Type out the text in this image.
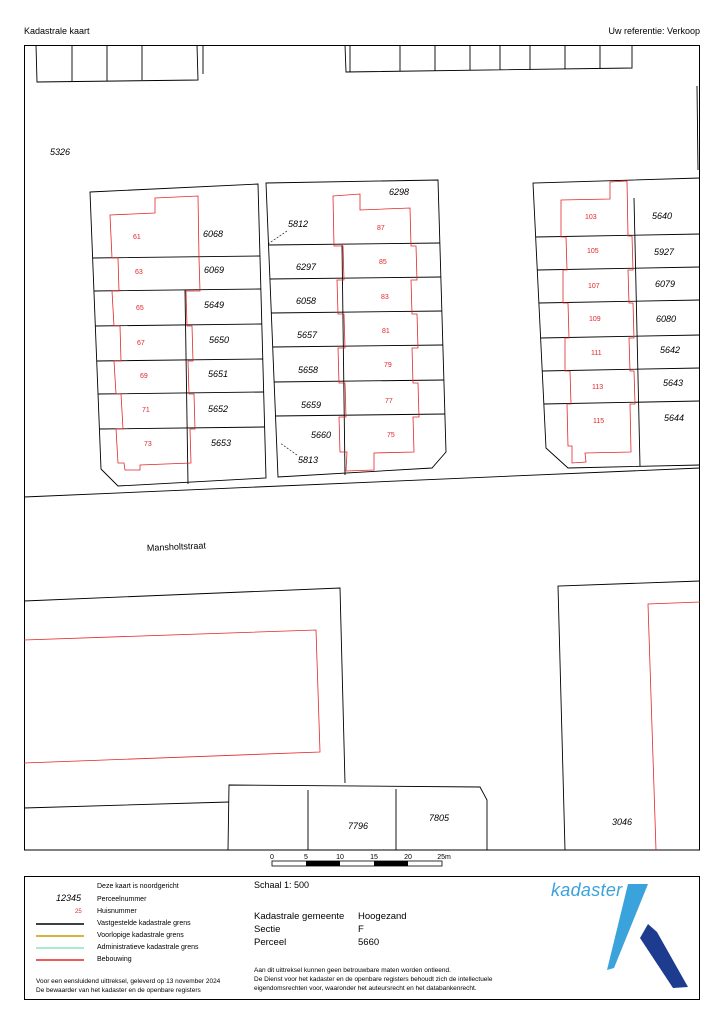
Kadastrale kaart	Uw referentie: Verkoop
5326
6068
6069
5649
5650
5651
5652
5653
5812
6298
6297
6058
5657
5658
5659
5660
5813
5640
5927
6079
6080
5642
5643
5644
7796
7805	3046
61
63
65
67
69
71
73
87
85
83
81
79
77
75
103
105
107
109
111
113
115
Mansholtstraat
0	5	10	15	20	25m
Deze kaart is noordgericht
12345 Perceelnummer
25 Huisnummer
Vastgestelde kadastrale grens
Voorlopige kadastrale grens
Administratieve kadastrale grens
Bebouwing
Voor een eensluidend uittreksel, geleverd op 13 november 2024
De bewaarder van het kadaster en de openbare registers
Schaal 1: 500
Kadastrale gemeente Hoogezand
Sectie	F
Perceel	5660
Aan dit uittreksel kunnen geen betrouwbare maten worden ontleend.
De Dienst voor het kadaster en de openbare registers behoudt zich de intellectuele
eigendomsrechten voor, waaronder het auteursrecht en het databankenrecht.
kadaster
